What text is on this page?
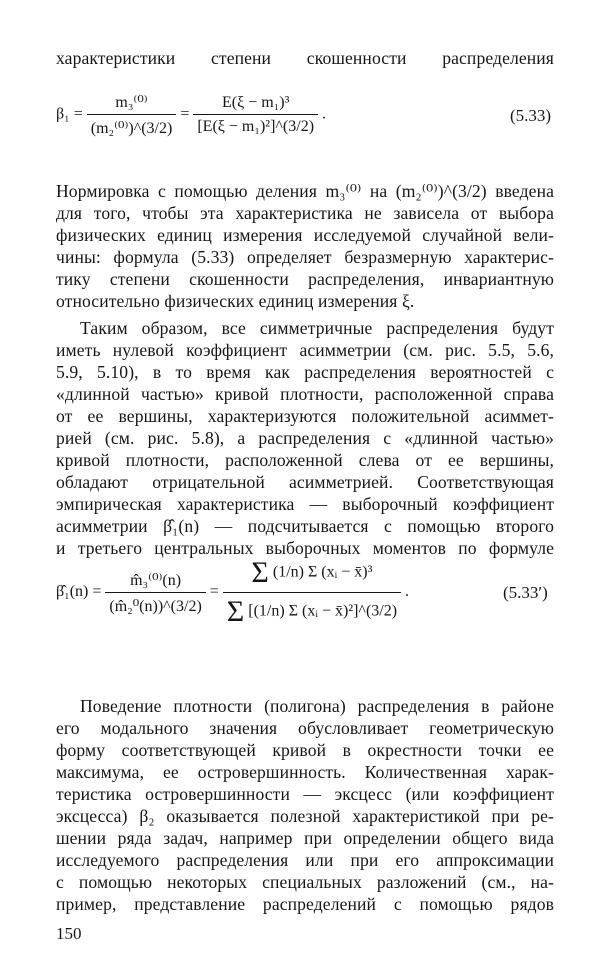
характеристики степени скошенности распределения
$\beta_1 = \frac{\text{m₃⁽⁰⁾}}{\text{(m₂⁽⁰⁾)\textasciicircum{}(3/2)}} = \frac{\text{E(ξ − m₁)³}}{\text{[E(ξ − m₁)²]\textasciicircum{}(3/2)}}$ .	(5.33)
Нормировка с помощью деления m₃⁽⁰⁾ на (m₂⁽⁰⁾)^(3/2) введена
для того, чтобы эта характеристика не зависела от выбора
физических единиц измерения исследуемой случайной вели-
чины: формула (5.33) определяет безразмерную характерис-
тику степени скошенности распределения, инвариантную
относительно физических единиц измерения ξ.
Таким образом, все симметричные распределения будут
иметь нулевой коэффициент асимметрии (см. рис. 5.5, 5.6,
5.9, 5.10), в то время как распределения вероятностей с
«длинной частью» кривой плотности, расположенной справа
от ее вершины, характеризуются положительной асиммет-
рией (см. рис. 5.8), а распределения с «длинной частью»
кривой плотности, расположенной слева от ее вершины,
обладают отрицательной асимметрией. Соответствующая
эмпирическая характеристика — выборочный коэффициент
асимметрии β̂₁(n) — подсчитывается с помощью второго
и третьего центральных выборочных моментов по формуле
β̂₁(n) = $\frac{\text{m̂₃⁽⁰⁾(n)}}{\text{(m̂₂⁰(n))\textasciicircum{}(3/2)}} = \frac{\text{Σ (1/n) Σ (xᵢ − x̄)³}}{\text{Σ [(1/n) Σ (xᵢ − x̄)²]\textasciicircum{}(3/2)}}$ .	(5.33′)
Поведение плотности (полигона) распределения в районе
его модального значения обусловливает геометрическую
форму соответствующей кривой в окрестности точки ее
максимума, ее островершинность. Количественная харак-
теристика островершинности — эксцесс (или коэффициент
эксцесса) β₂ оказывается полезной характеристикой при ре-
шении ряда задач, например при определении общего вида
исследуемого распределения или при его аппроксимации
с помощью некоторых специальных разложений (см., на-
пример, представление распределений с помощью рядов
150
